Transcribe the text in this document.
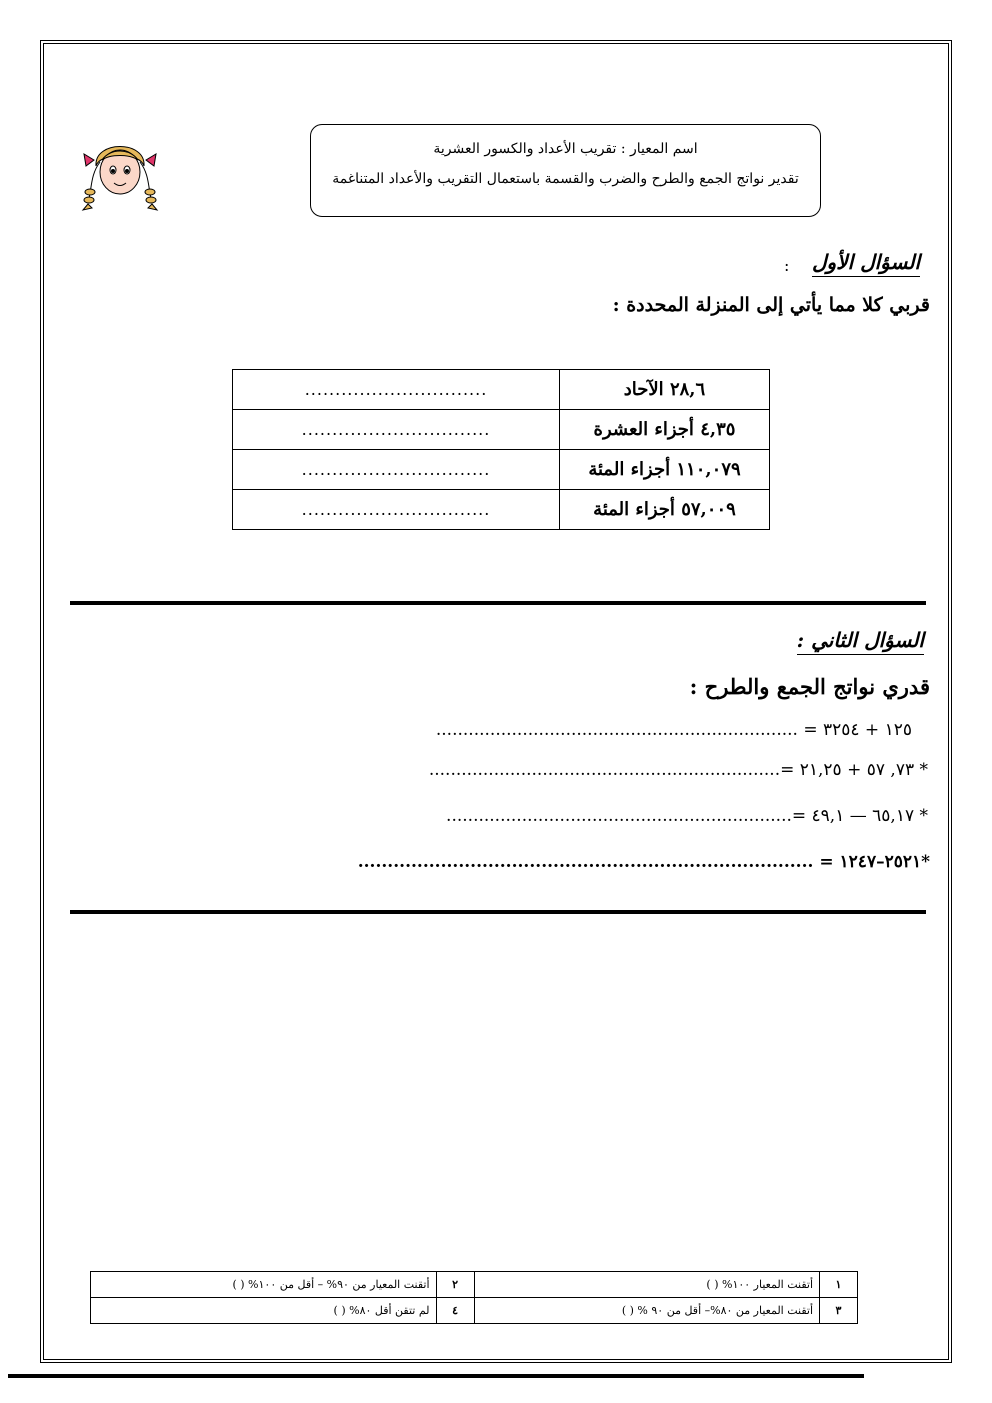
اسم المعيار : تقريب الأعداد والكسور العشرية
تقدير نواتج الجمع والطرح والضرب والقسمة باستعمال التقريب والأعداد المتناغمة
السؤال الأول
:
قربي كلا مما يأتي إلى المنزلة المحددة :
٢٨,٦ الآحاد	..............................
٤,٣٥ أجزاء العشرة	...............................
١١٠,٠٧٩ أجزاء المئة	...............................
٥٧,٠٠٩ أجزاء المئة	...............................
السؤال الثاني :
قدري نواتج الجمع والطرح :
١٢٥ + ٣٢٥٤ = ...................................................................
* ٧٣, ٥٧ + ٢١,٢٥ =.................................................................
* ٦٥,١٧ — ٤٩,١ =................................................................
*٢٥٢١–١٢٤٧ = .............................................................................
١	أتقنت المعيار ١٠٠% ( )	٢	أتقنت المعيار من ٩٠% – أقل من ١٠٠% ( )
٣	أتقنت المعيار من ٨٠%– أقل من ٩٠ % ( )	٤	لم تتقن أقل ٨٠% ( )
